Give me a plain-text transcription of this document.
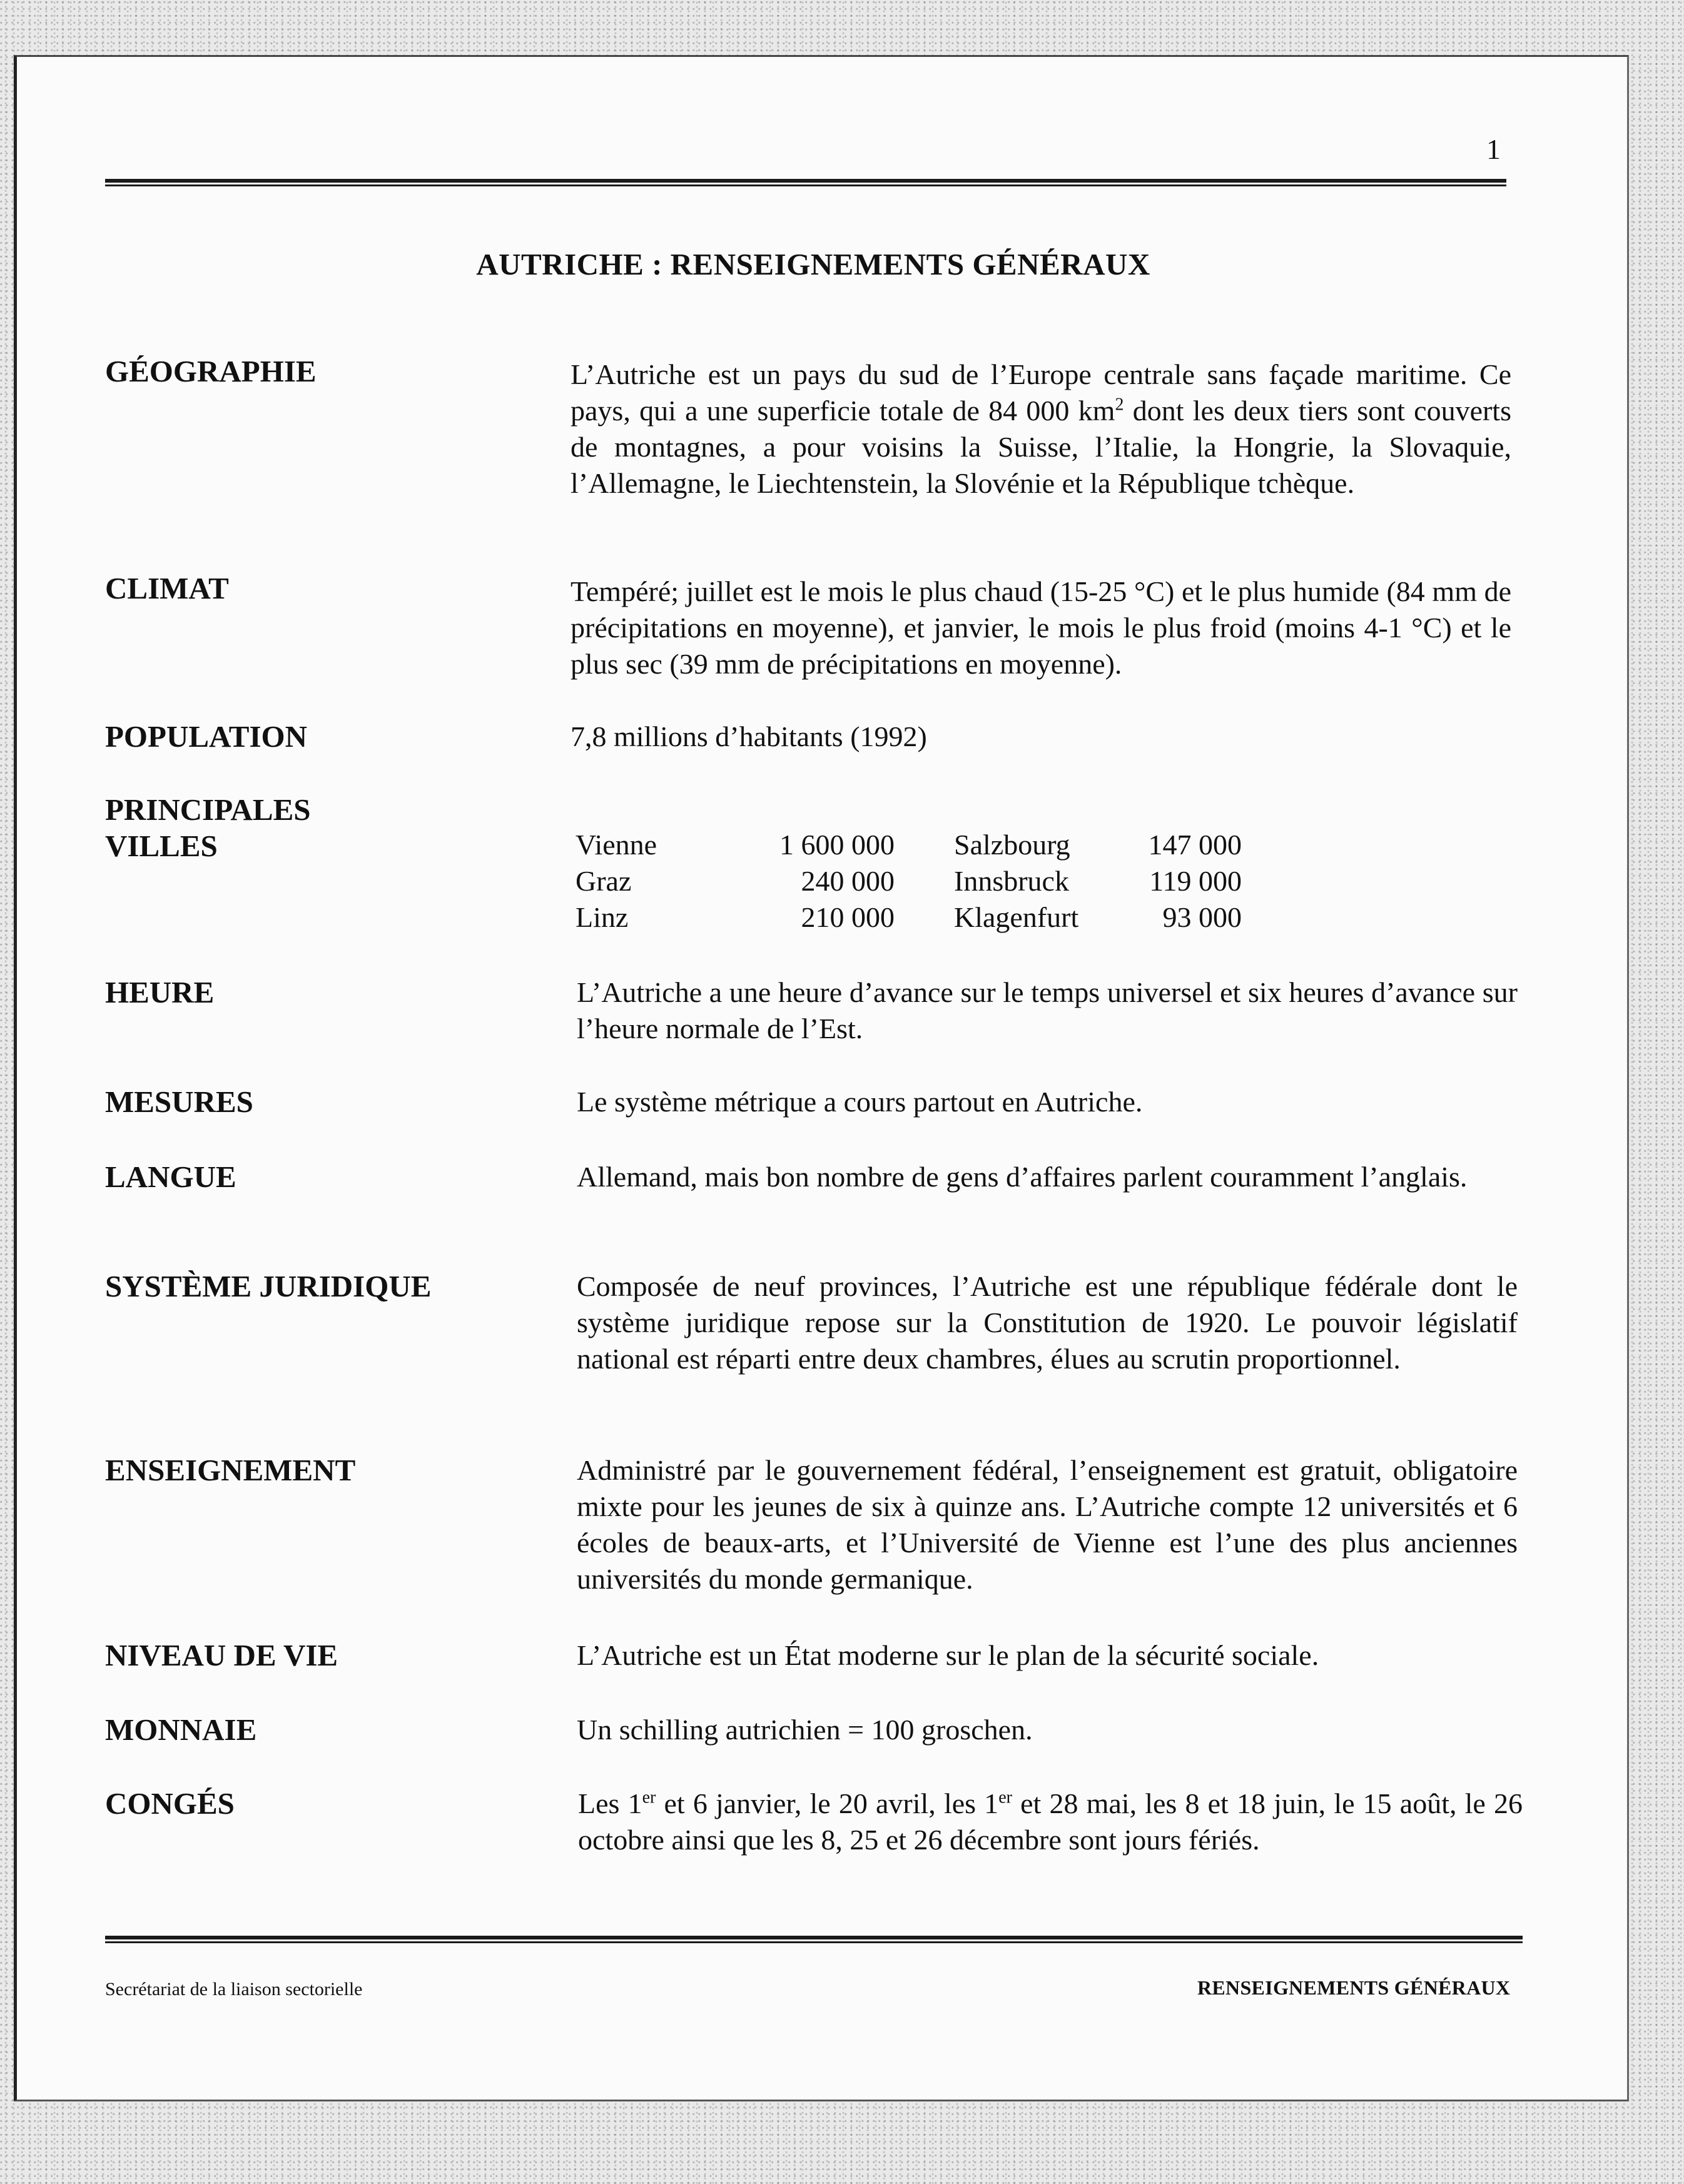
1
AUTRICHE : RENSEIGNEMENTS GÉNÉRAUX
GÉOGRAPHIE	L’Autriche est un pays du sud de l’Europe centrale sans façade maritime. Ce pays, qui a une superficie totale de 84 000 $km^2$ dont les deux tiers sont couverts de montagnes, a pour voisins la Suisse, l’Italie, la Hongrie, la Slovaquie, l’Allemagne, le Liechtenstein, la Slovénie et la République tchèque.
CLIMAT	Tempéré; juillet est le mois le plus chaud (15-25 °C) et le plus humide (84 mm de précipitations en moyenne), et janvier, le mois le plus froid (moins 4-1 °C) et le plus sec (39 mm de précipitations en moyenne).
POPULATION	7,8 millions d’habitants (1992)
PRINCIPALES
VILLES	Vienne	1 600 000	Salzbourg	147 000
Graz	240 000	Innsbruck	119 000
Linz	210 000	Klagenfurt	93 000
HEURE	L’Autriche a une heure d’avance sur le temps universel et six heures d’avance sur l’heure normale de l’Est.
MESURES	Le système métrique a cours partout en Autriche.
LANGUE	Allemand, mais bon nombre de gens d’affaires parlent couramment l’anglais.
SYSTÈME JURIDIQUE	Composée de neuf provinces, l’Autriche est une république fédérale dont le système juridique repose sur la Constitution de 1920. Le pouvoir législatif national est réparti entre deux chambres, élues au scrutin proportionnel.
ENSEIGNEMENT	Administré par le gouvernement fédéral, l’enseignement est gratuit, obligatoire mixte pour les jeunes de six à quinze ans. L’Autriche compte 12 universités et 6 écoles de beaux-arts, et l’Université de Vienne est l’une des plus anciennes universités du monde germanique.
NIVEAU DE VIE	L’Autriche est un État moderne sur le plan de la sécurité sociale.
MONNAIE	Un schilling autrichien = 100 groschen.
CONGÉS	Les 1er et 6 janvier, le 20 avril, les 1er et 28 mai, les 8 et 18 juin, le 15 août, le 26 octobre ainsi que les 8, 25 et 26 décembre sont jours fériés.
Secrétariat de la liaison sectorielle	RENSEIGNEMENTS GÉNÉRAUX
